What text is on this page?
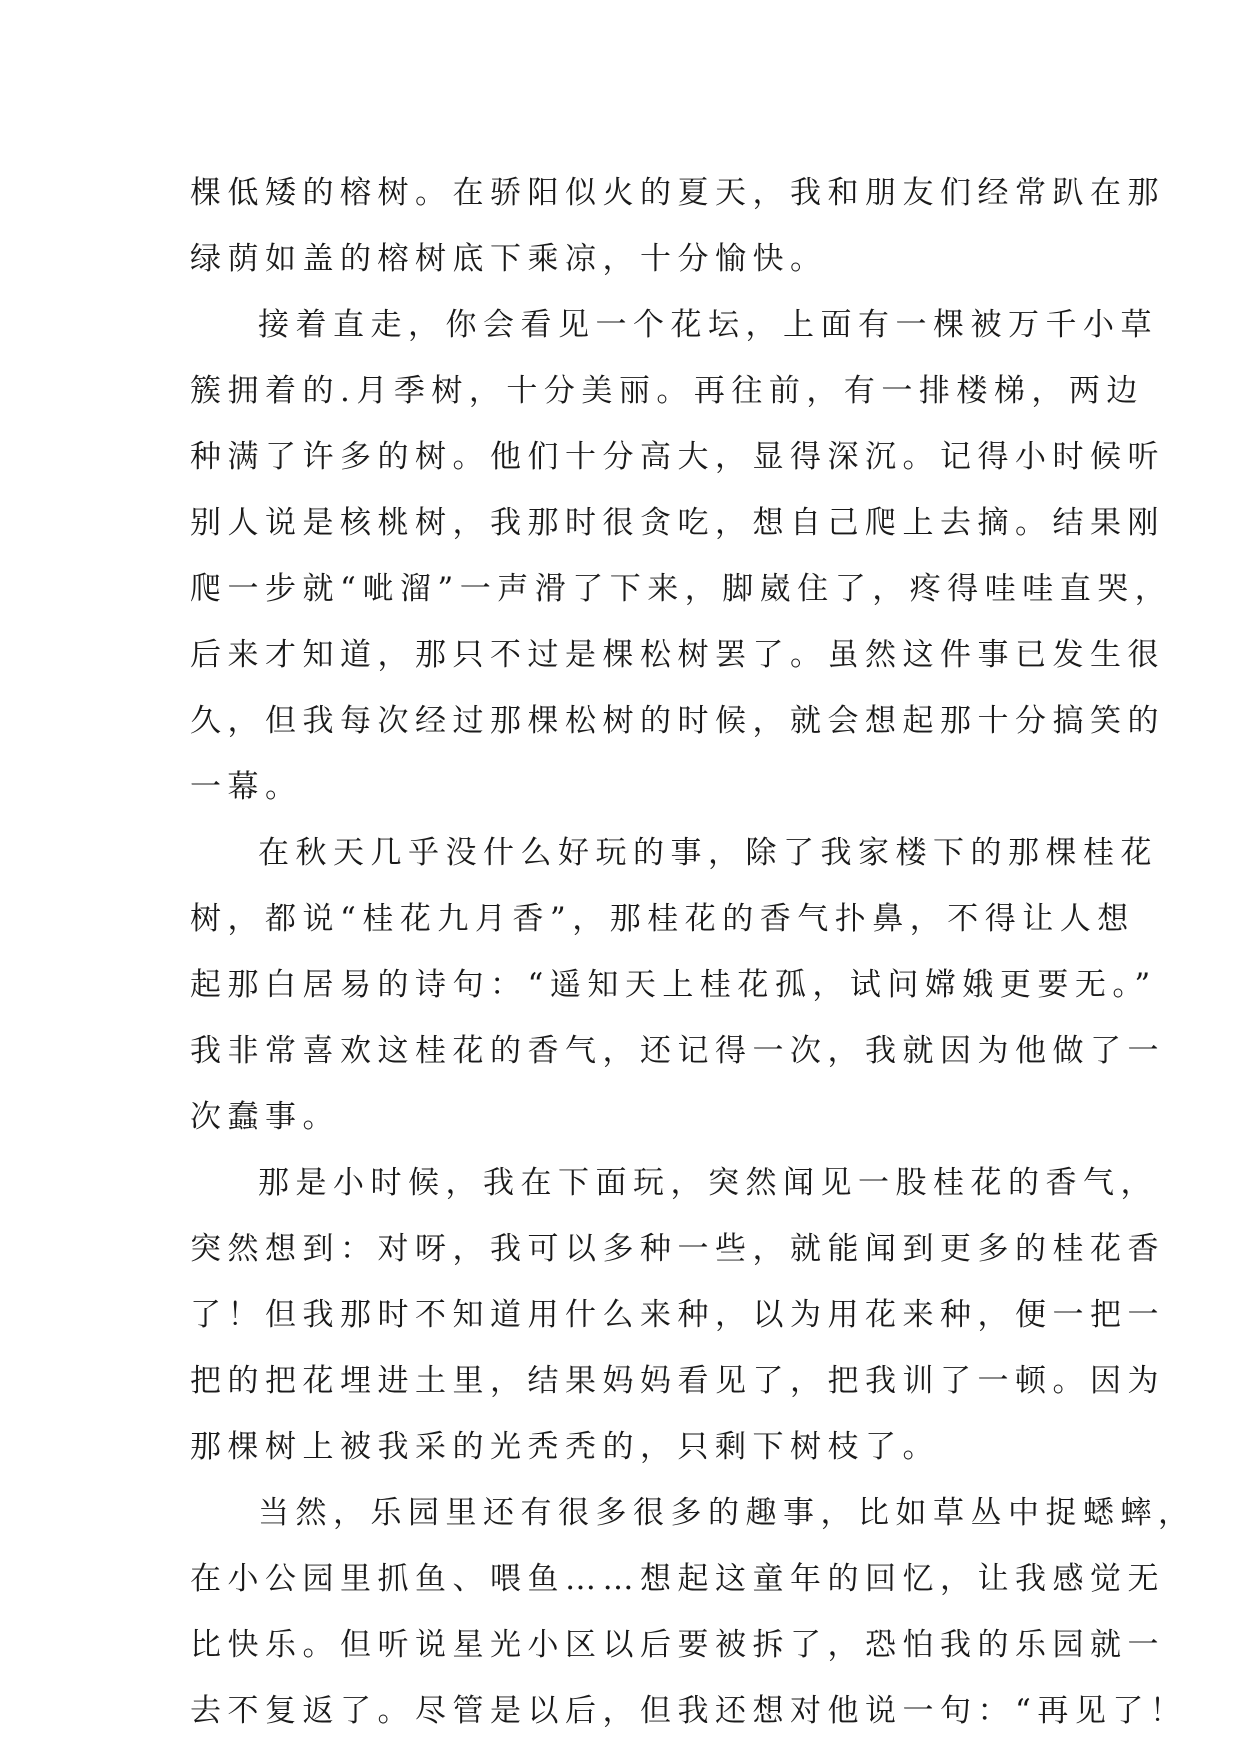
棵低矮的榕树。在骄阳似火的夏天，我和朋友们经常趴在那
绿荫如盖的榕树底下乘凉，十分愉快。
接着直走，你会看见一个花坛，上面有一棵被万千小草
簇拥着的.月季树，十分美丽。再往前，有一排楼梯，两边
种满了许多的树。他们十分高大，显得深沉。记得小时候听
别人说是核桃树，我那时很贪吃，想自己爬上去摘。结果刚
爬一步就“呲溜”一声滑了下来，脚崴住了，疼得哇哇直哭，
后来才知道，那只不过是棵松树罢了。虽然这件事已发生很
久，但我每次经过那棵松树的时候，就会想起那十分搞笑的
一幕。
在秋天几乎没什么好玩的事，除了我家楼下的那棵桂花
树，都说“桂花九月香”，那桂花的香气扑鼻，不得让人想
起那白居易的诗句：“遥知天上桂花孤，试问嫦娥更要无。”
我非常喜欢这桂花的香气，还记得一次，我就因为他做了一
次蠢事。
那是小时候，我在下面玩，突然闻见一股桂花的香气，
突然想到：对呀，我可以多种一些，就能闻到更多的桂花香
了！但我那时不知道用什么来种，以为用花来种，便一把一
把的把花埋进土里，结果妈妈看见了，把我训了一顿。因为
那棵树上被我采的光秃秃的，只剩下树枝了。
当然，乐园里还有很多很多的趣事，比如草丛中捉蟋蟀，
在小公园里抓鱼、喂鱼……想起这童年的回忆，让我感觉无
比快乐。但听说星光小区以后要被拆了，恐怕我的乐园就一
去不复返了。尽管是以后，但我还想对他说一句：“再见了！
